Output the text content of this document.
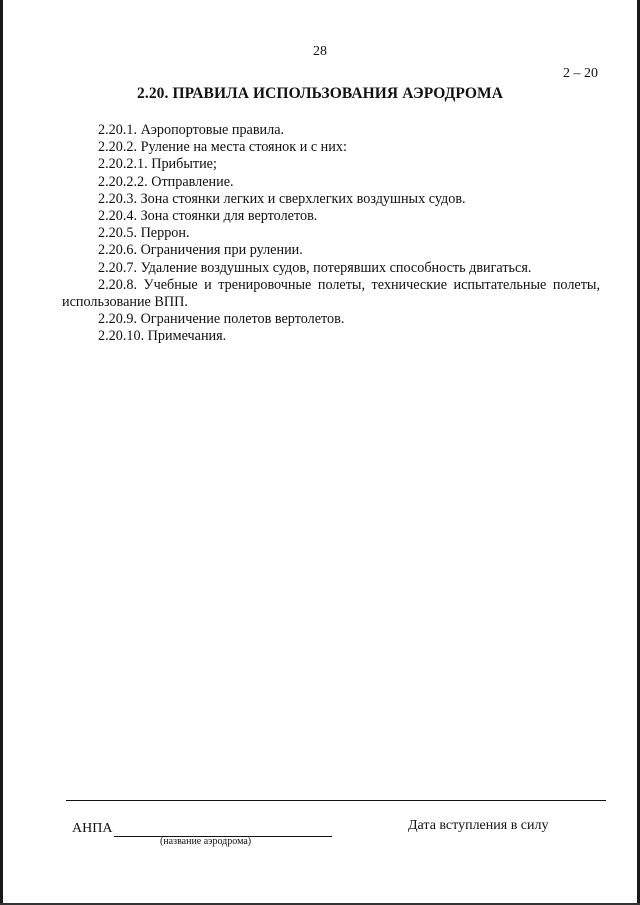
28
2 – 20
2.20. ПРАВИЛА ИСПОЛЬЗОВАНИЯ АЭРОДРОМА

2.20.1. Аэропортовые правила.

2.20.2. Руление на места стоянок и с них:

2.20.2.1. Прибытие;

2.20.2.2. Отправление.

2.20.3. Зона стоянки легких и сверхлегких воздушных судов.

2.20.4. Зона стоянки для вертолетов.

2.20.5. Перрон.

2.20.6. Ограничения при рулении.

2.20.7. Удаление воздушных судов, потерявших способность двигаться.

2.20.8. Учебные и тренировочные полеты, технические испытательные полеты, использование ВПП.

2.20.9. Ограничение полетов вертолетов.

2.20.10. Примечания.

АНПА
(название аэродрома)
Дата вступления в силу
